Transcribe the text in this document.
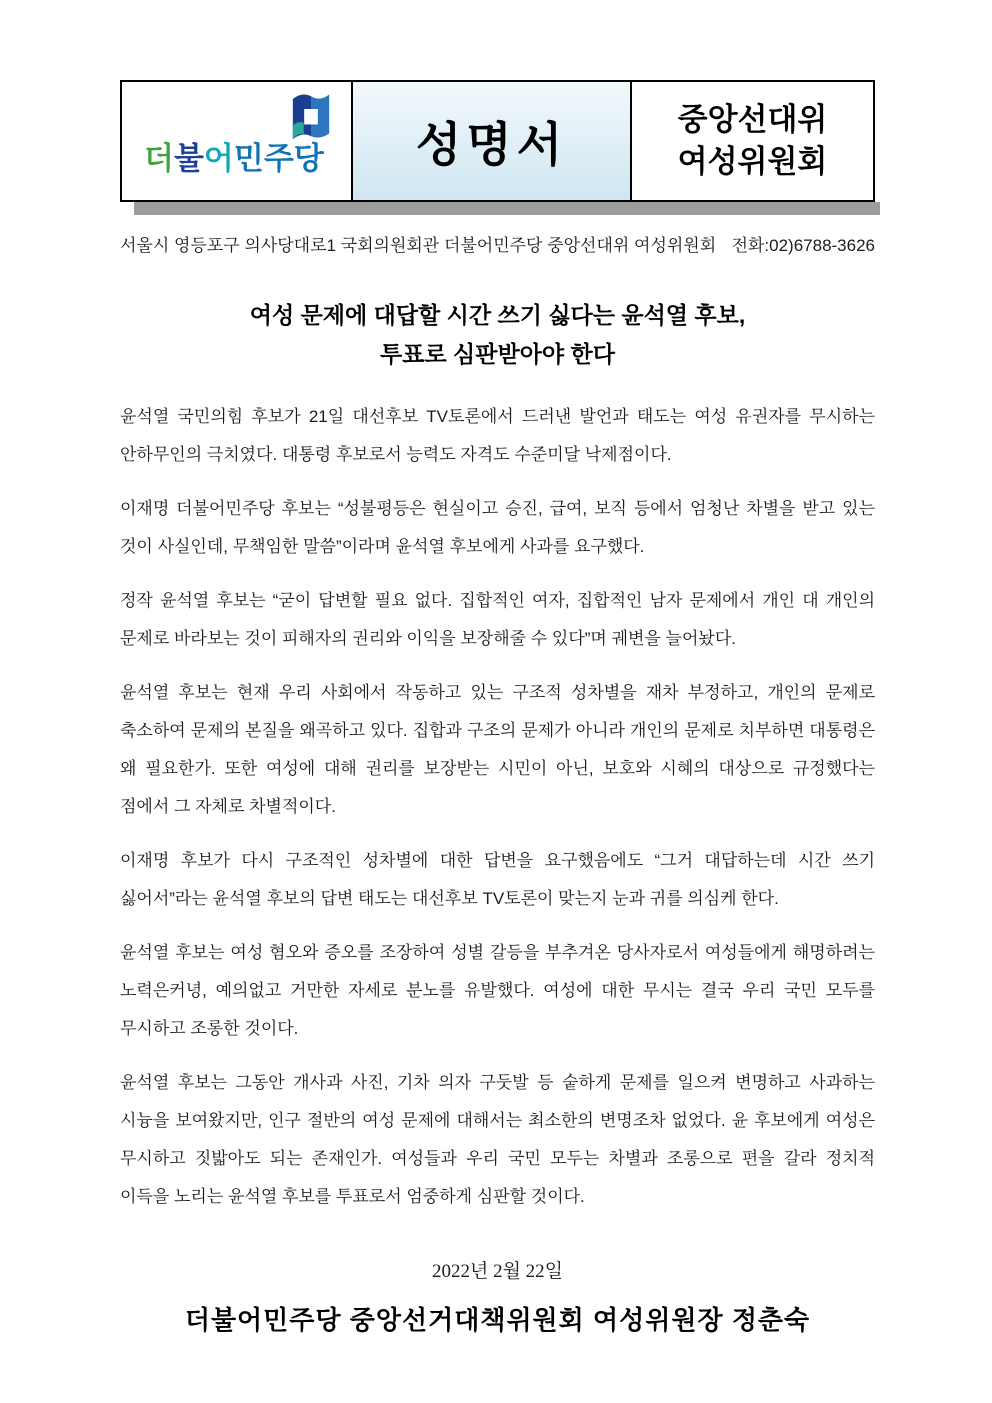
더불어민주당 성명서	중앙선대위
여성위원회
서울시 영등포구 의사당대로1 국회의원회관 더불어민주당 중앙선대위 여성위원회 전화:02)6788-3626
여성 문제에 대답할 시간 쓰기 싫다는 윤석열 후보,
투표로 심판받아야 한다

윤석열 국민의힘 후보가 21일 대선후보 TV토론에서 드러낸 발언과 태도는 여성 유권자를 무시하는 안하무인의 극치였다. 대통령 후보로서 능력도 자격도 수준미달 낙제점이다.

이재명 더불어민주당 후보는 “성불평등은 현실이고 승진, 급여, 보직 등에서 엄청난 차별을 받고 있는 것이 사실인데, 무책임한 말씀”이라며 윤석열 후보에게 사과를 요구했다.

정작 윤석열 후보는 “굳이 답변할 필요 없다. 집합적인 여자, 집합적인 남자 문제에서 개인 대 개인의 문제로 바라보는 것이 피해자의 권리와 이익을 보장해줄 수 있다”며 궤변을 늘어놨다.

윤석열 후보는 현재 우리 사회에서 작동하고 있는 구조적 성차별을 재차 부정하고, 개인의 문제로 축소하여 문제의 본질을 왜곡하고 있다. 집합과 구조의 문제가 아니라 개인의 문제로 치부하면 대통령은 왜 필요한가. 또한 여성에 대해 권리를 보장받는 시민이 아닌, 보호와 시혜의 대상으로 규정했다는 점에서 그 자체로 차별적이다.

이재명 후보가 다시 구조적인 성차별에 대한 답변을 요구했음에도 “그거 대답하는데 시간 쓰기 싫어서”라는 윤석열 후보의 답변 태도는 대선후보 TV토론이 맞는지 눈과 귀를 의심케 한다.

윤석열 후보는 여성 혐오와 증오를 조장하여 성별 갈등을 부추겨온 당사자로서 여성들에게 해명하려는 노력은커녕, 예의없고 거만한 자세로 분노를 유발했다. 여성에 대한 무시는 결국 우리 국민 모두를 무시하고 조롱한 것이다.

윤석열 후보는 그동안 개사과 사진, 기차 의자 구둣발 등 숱하게 문제를 일으켜 변명하고 사과하는 시늉을 보여왔지만, 인구 절반의 여성 문제에 대해서는 최소한의 변명조차 없었다. 윤 후보에게 여성은 무시하고 짓밟아도 되는 존재인가. 여성들과 우리 국민 모두는 차별과 조롱으로 편을 갈라 정치적 이득을 노리는 윤석열 후보를 투표로서 엄중하게 심판할 것이다.

2022년 2월 22일
더불어민주당 중앙선거대책위원회 여성위원장 정춘숙
